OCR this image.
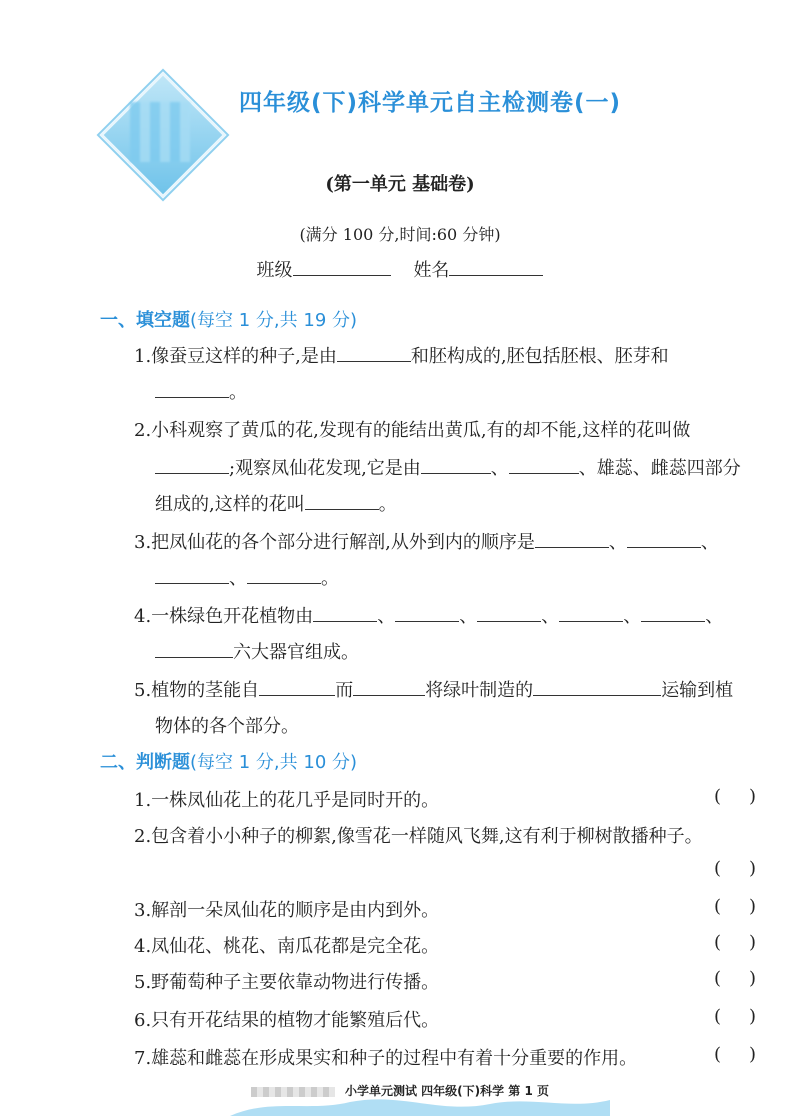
四年级(下)科学单元自主检测卷(一)
(第一单元 基础卷)
(满分 100 分,时间:60 分钟)
班级	姓名
一、填空题(每空 1 分,共 19 分)
1.像蚕豆这样的种子,是由	和胚构成的,胚包括胚根、胚芽和
。
2.小科观察了黄瓜的花,发现有的能结出黄瓜,有的却不能,这样的花叫做
;观察凤仙花发现,它是由	、	、雄蕊、雌蕊四部分
组成的,这样的花叫	。
3.把凤仙花的各个部分进行解剖,从外到内的顺序是	、	、
、	。
4.一株绿色开花植物由	、	、	、	、	、
六大器官组成。
5.植物的茎能自	而	将绿叶制造的	运输到植
物体的各个部分。
二、判断题(每空 1 分,共 10 分)
1.一株凤仙花上的花几乎是同时开的。	()
2.包含着小小种子的柳絮,像雪花一样随风飞舞,这有利于柳树散播种子。
()
3.解剖一朵凤仙花的顺序是由内到外。	()
4.凤仙花、桃花、南瓜花都是完全花。	()
5.野葡萄种子主要依靠动物进行传播。	()
6.只有开花结果的植物才能繁殖后代。	()
7.雄蕊和雌蕊在形成果实和种子的过程中有着十分重要的作用。	()
小学单元测试 四年级(下)科学 第 1 页
